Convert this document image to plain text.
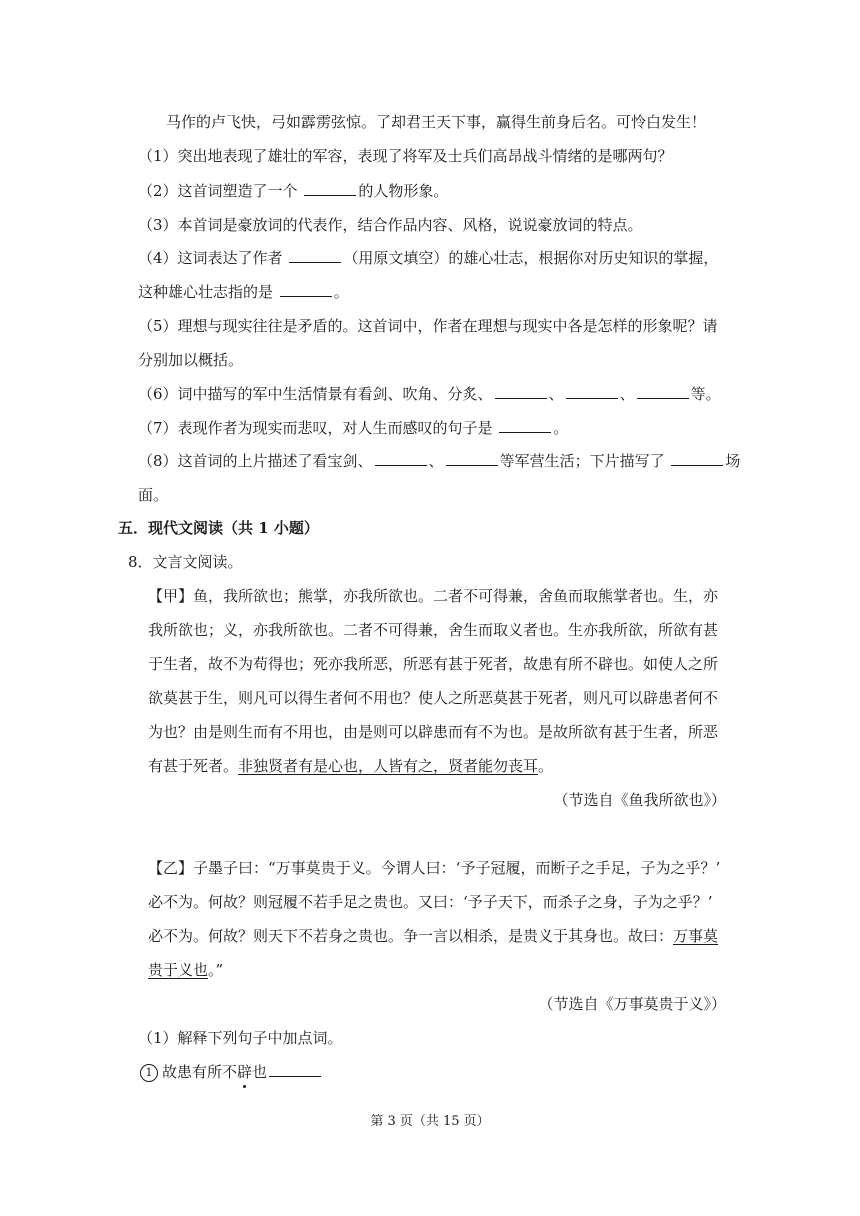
马作的卢飞快，弓如霹雳弦惊。了却君王天下事，赢得生前身后名。可怜白发生！
（1）突出地表现了雄壮的军容，表现了将军及士兵们高昂战斗情绪的是哪两句？
（2）这首词塑造了一个	的人物形象。
（3）本首词是豪放词的代表作，结合作品内容、风格，说说豪放词的特点。
（4）这词表达了作者	（用原文填空）的雄心壮志，根据你对历史知识的掌握，
这种雄心壮志指的是	。
（5）理想与现实往往是矛盾的。这首词中，作者在理想与现实中各是怎样的形象呢？请
分别加以概括。
（6）词中描写的军中生活情景有看剑、吹角、分炙、	、	、	等。
（7）表现作者为现实而悲叹，对人生而感叹的句子是	。
（8）这首词的上片描述了看宝剑、	、	等军营生活；下片描写了	场
面。
五．现代文阅读（共 1 小题）
8．文言文阅读。
【甲】鱼，我所欲也；熊掌，亦我所欲也。二者不可得兼，舍鱼而取熊掌者也。生，亦
我所欲也；义，亦我所欲也。二者不可得兼，舍生而取义者也。生亦我所欲，所欲有甚
于生者，故不为苟得也；死亦我所恶，所恶有甚于死者，故患有所不辟也。如使人之所
欲莫甚于生，则凡可以得生者何不用也？使人之所恶莫甚于死者，则凡可以辟患者何不
为也？由是则生而有不用也，由是则可以辟患而有不为也。是故所欲有甚于生者，所恶
有甚于死者。非独贤者有是心也，人皆有之，贤者能勿丧耳。
（节选自《鱼我所欲也》）
【乙】子墨子曰：“万事莫贵于义。今谓人曰：‘予子冠履，而断子之手足，子为之乎？’
必不为。何故？则冠履不若手足之贵也。又曰：‘予子天下，而杀子之身，子为之乎？’
必不为。何故？则天下不若身之贵也。争一言以相杀，是贵义于其身也。故曰：万事莫
贵于义也。”
（节选自《万事莫贵于义》）
（1）解释下列句子中加点词。
1 故患有所不辟也
第 3 页（共 15 页）
